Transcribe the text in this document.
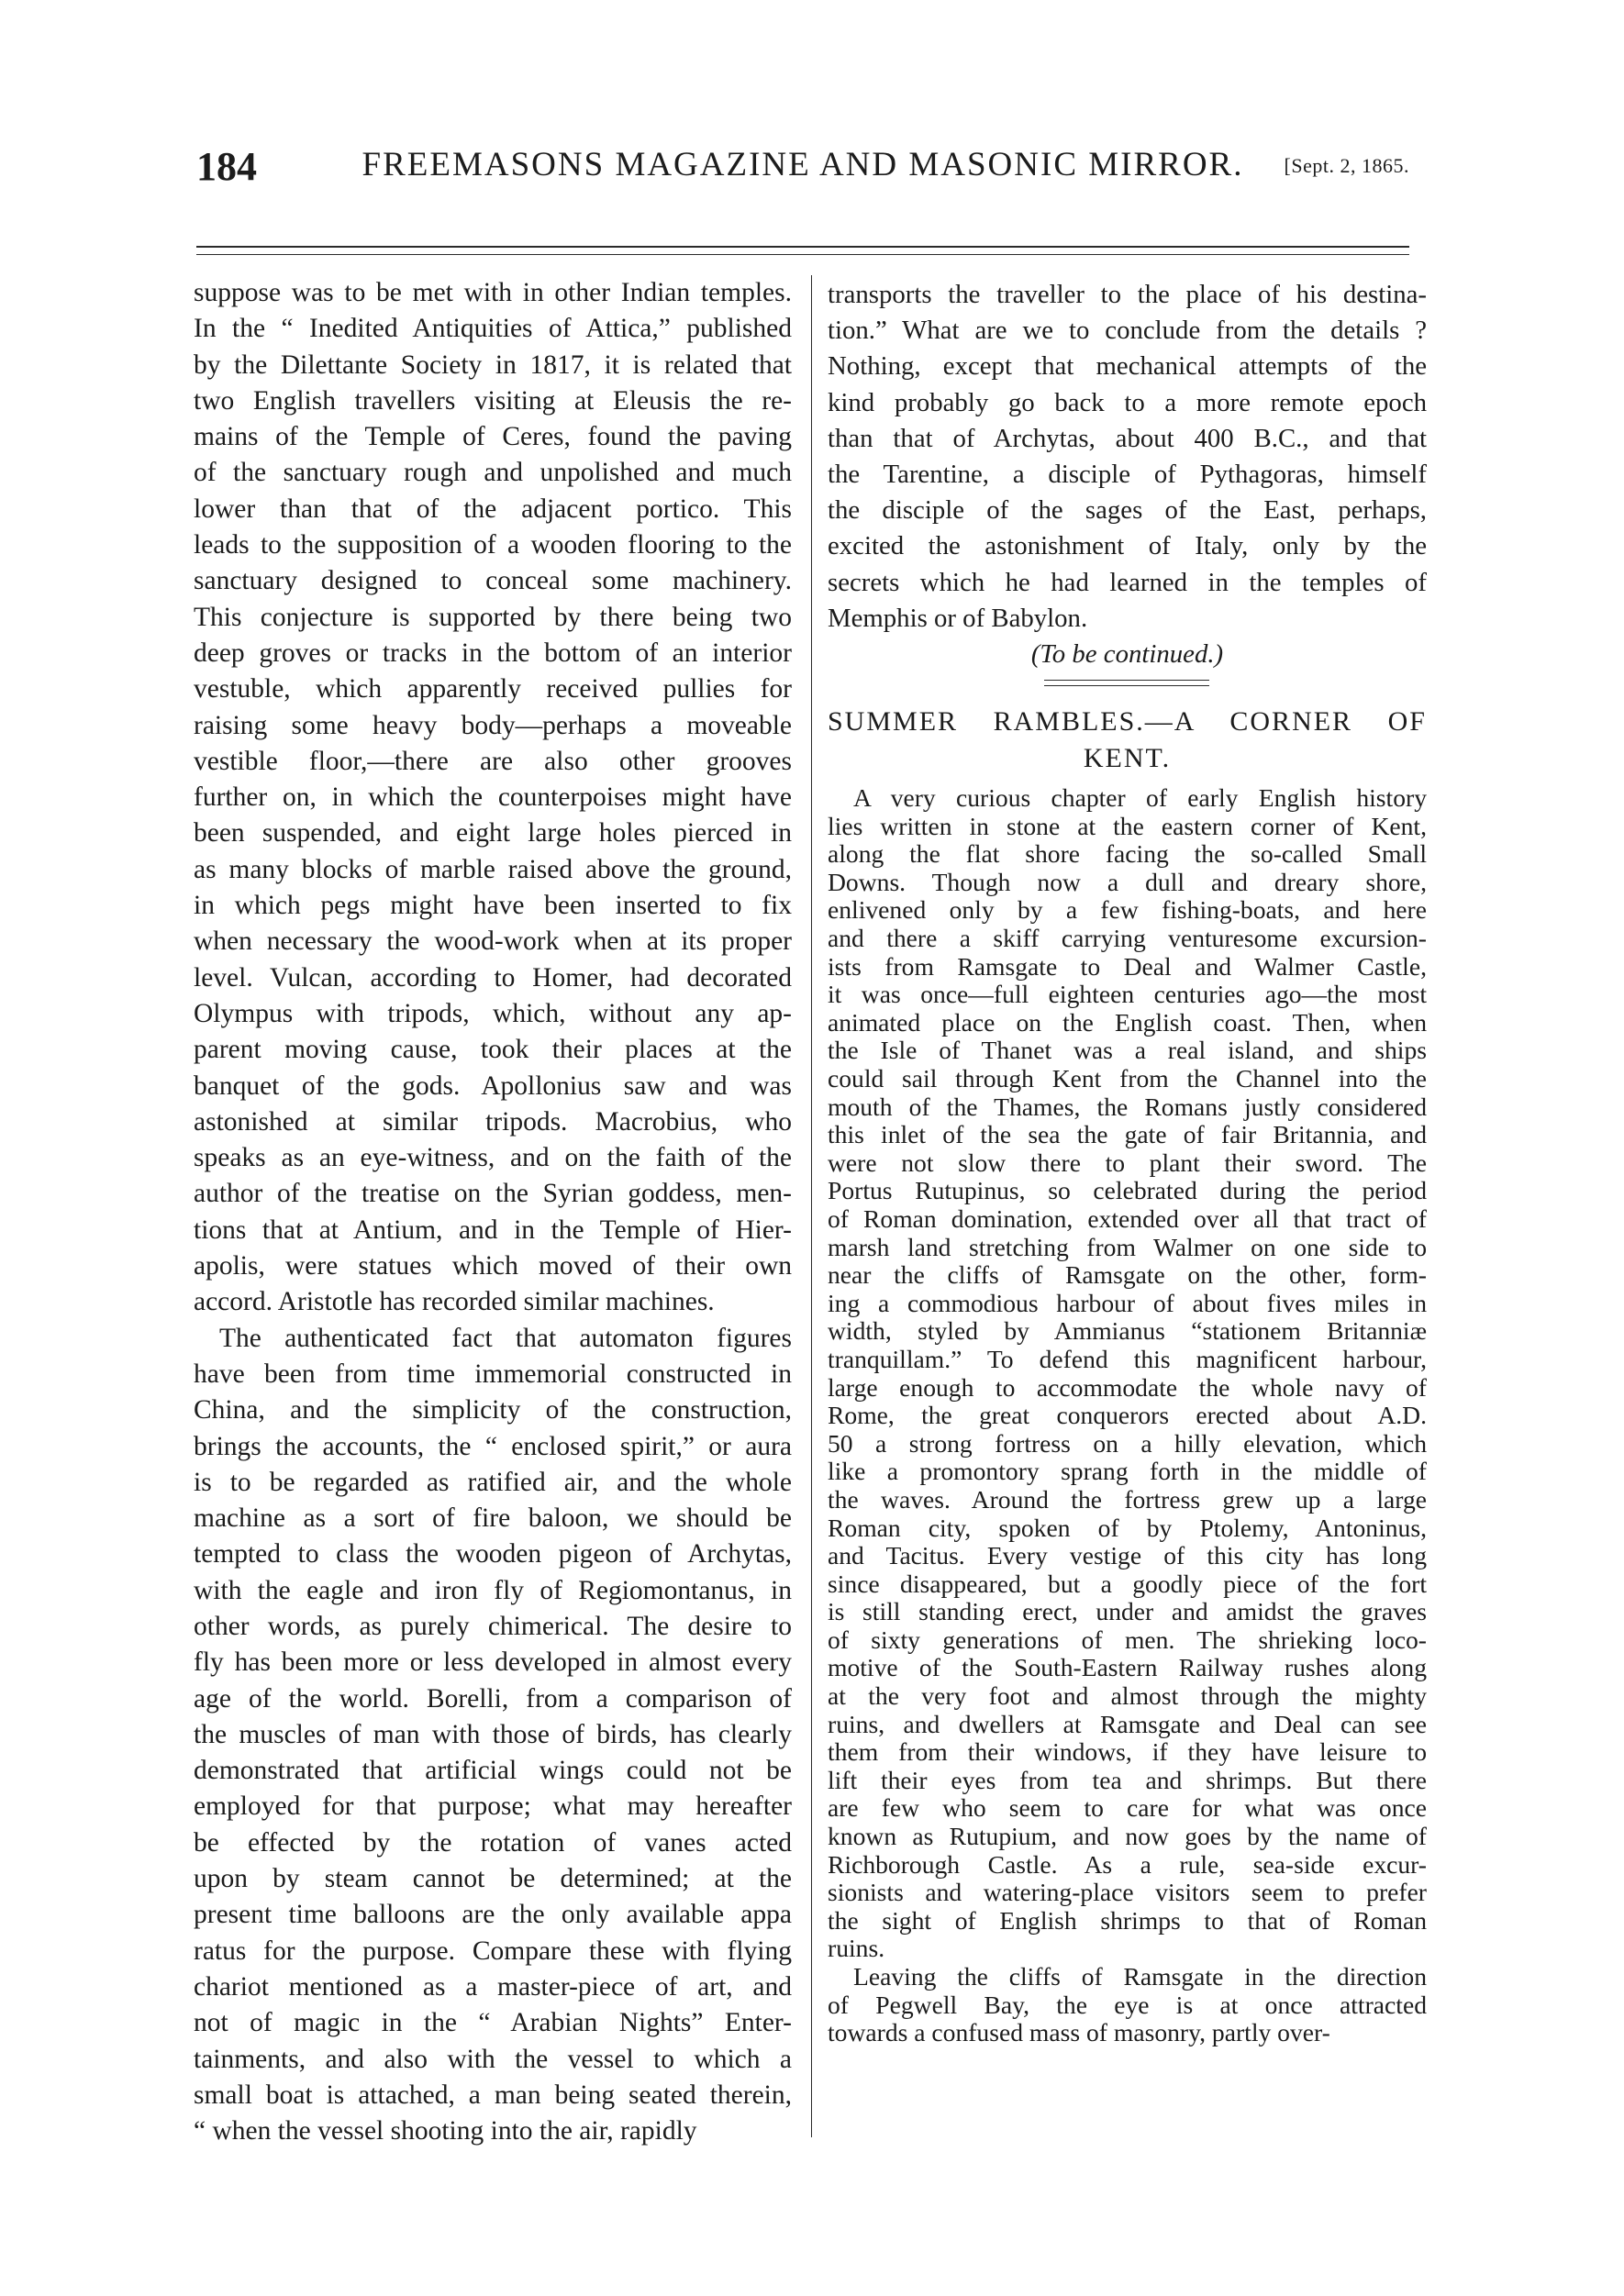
184	FREEMASONS MAGAZINE AND MASONIC MIRROR.	[Sept. 2, 1865.
suppose was to be met with in other Indian temples.
In the “ Inedited Antiquities of Attica,” published
by the Dilettante Society in 1817, it is related that
two English travellers visiting at Eleusis the re-
mains of the Temple of Ceres, found the paving
of the sanctuary rough and unpolished and much
lower than that of the adjacent portico. This
leads to the supposition of a wooden flooring to the
sanctuary designed to conceal some machinery.
This conjecture is supported by there being two
deep groves or tracks in the bottom of an interior
vestuble, which apparently received pullies for
raising some heavy body—perhaps a moveable
vestible floor,—there are also other grooves
further on, in which the counterpoises might have
been suspended, and eight large holes pierced in
as many blocks of marble raised above the ground,
in which pegs might have been inserted to fix
when necessary the wood-work when at its proper
level. Vulcan, according to Homer, had decorated
Olympus with tripods, which, without any ap-
parent moving cause, took their places at the
banquet of the gods. Apollonius saw and was
astonished at similar tripods. Macrobius, who
speaks as an eye-witness, and on the faith of the
author of the treatise on the Syrian goddess, men-
tions that at Antium, and in the Temple of Hier-
apolis, were statues which moved of their own
accord. Aristotle has recorded similar machines.
The authenticated fact that automaton figures
have been from time immemorial constructed in
China, and the simplicity of the construction,
brings the accounts, the “ enclosed spirit,” or aura
is to be regarded as ratified air, and the whole
machine as a sort of fire baloon, we should be
tempted to class the wooden pigeon of Archytas,
with the eagle and iron fly of Regiomontanus, in
other words, as purely chimerical. The desire to
fly has been more or less developed in almost every
age of the world. Borelli, from a comparison of
the muscles of man with those of birds, has clearly
demonstrated that artificial wings could not be
employed for that purpose; what may hereafter
be effected by the rotation of vanes acted
upon by steam cannot be determined; at the
present time balloons are the only available appa
ratus for the purpose. Compare these with flying
chariot mentioned as a master-piece of art, and
not of magic in the “ Arabian Nights” Enter-
tainments, and also with the vessel to which a
small boat is attached, a man being seated therein,
“ when the vessel shooting into the air, rapidly
transports the traveller to the place of his destina-
tion.” What are we to conclude from the details ?
Nothing, except that mechanical attempts of the
kind probably go back to a more remote epoch
than that of Archytas, about 400 B.C., and that
the Tarentine, a disciple of Pythagoras, himself
the disciple of the sages of the East, perhaps,
excited the astonishment of Italy, only by the
secrets which he had learned in the temples of
Memphis or of Babylon.
(To be continued.)
SUMMER RAMBLES.—A CORNER OF
KENT.
A very curious chapter of early English history
lies written in stone at the eastern corner of Kent,
along the flat shore facing the so-called Small
Downs. Though now a dull and dreary shore,
enlivened only by a few fishing-boats, and here
and there a skiff carrying venturesome excursion-
ists from Ramsgate to Deal and Walmer Castle,
it was once—full eighteen centuries ago—the most
animated place on the English coast. Then, when
the Isle of Thanet was a real island, and ships
could sail through Kent from the Channel into the
mouth of the Thames, the Romans justly considered
this inlet of the sea the gate of fair Britannia, and
were not slow there to plant their sword. The
Portus Rutupinus, so celebrated during the period
of Roman domination, extended over all that tract of
marsh land stretching from Walmer on one side to
near the cliffs of Ramsgate on the other, form-
ing a commodious harbour of about fives miles in
width, styled by Ammianus “stationem Britanniæ
tranquillam.” To defend this magnificent harbour,
large enough to accommodate the whole navy of
Rome, the great conquerors erected about A.D.
50 a strong fortress on a hilly elevation, which
like a promontory sprang forth in the middle of
the waves. Around the fortress grew up a large
Roman city, spoken of by Ptolemy, Antoninus,
and Tacitus. Every vestige of this city has long
since disappeared, but a goodly piece of the fort
is still standing erect, under and amidst the graves
of sixty generations of men. The shrieking loco-
motive of the South-Eastern Railway rushes along
at the very foot and almost through the mighty
ruins, and dwellers at Ramsgate and Deal can see
them from their windows, if they have leisure to
lift their eyes from tea and shrimps. But there
are few who seem to care for what was once
known as Rutupium, and now goes by the name of
Richborough Castle. As a rule, sea-side excur-
sionists and watering-place visitors seem to prefer
the sight of English shrimps to that of Roman
ruins.
Leaving the cliffs of Ramsgate in the direction
of Pegwell Bay, the eye is at once attracted
towards a confused mass of masonry, partly over-
